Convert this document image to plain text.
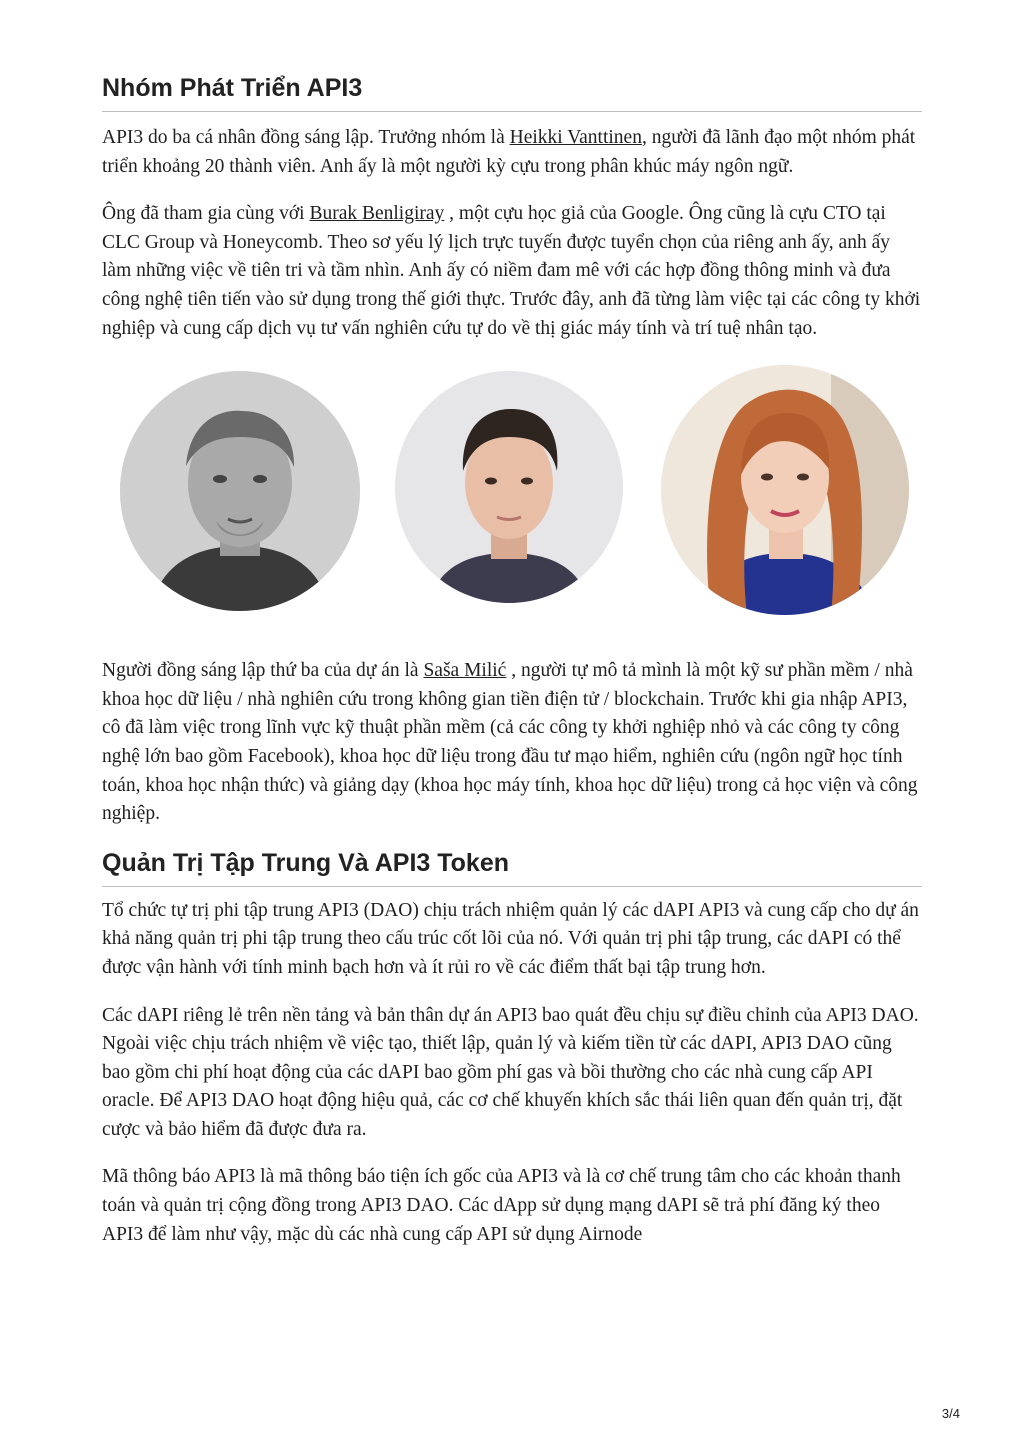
Nhóm Phát Triển API3

API3 do ba cá nhân đồng sáng lập. Trưởng nhóm là Heikki Vanttinen, người đã lãnh đạo một nhóm phát triển khoảng 20 thành viên. Anh ấy là một người kỳ cựu trong phân khúc máy ngôn ngữ.

Ông đã tham gia cùng với Burak Benligiray , một cựu học giả của Google. Ông cũng là cựu CTO tại CLC Group và Honeycomb. Theo sơ yếu lý lịch trực tuyến được tuyển chọn của riêng anh ấy, anh ấy làm những việc về tiên tri và tầm nhìn. Anh ấy có niềm đam mê với các hợp đồng thông minh và đưa công nghệ tiên tiến vào sử dụng trong thế giới thực. Trước đây, anh đã từng làm việc tại các công ty khởi nghiệp và cung cấp dịch vụ tư vấn nghiên cứu tự do về thị giác máy tính và trí tuệ nhân tạo.

Người đồng sáng lập thứ ba của dự án là Saša Milić , người tự mô tả mình là một kỹ sư phần mềm / nhà khoa học dữ liệu / nhà nghiên cứu trong không gian tiền điện tử / blockchain. Trước khi gia nhập API3, cô đã làm việc trong lĩnh vực kỹ thuật phần mềm (cả các công ty khởi nghiệp nhỏ và các công ty công nghệ lớn bao gồm Facebook), khoa học dữ liệu trong đầu tư mạo hiểm, nghiên cứu (ngôn ngữ học tính toán, khoa học nhận thức) và giảng dạy (khoa học máy tính, khoa học dữ liệu) trong cả học viện và công nghiệp.

Quản Trị Tập Trung Và API3 Token

Tổ chức tự trị phi tập trung API3 (DAO) chịu trách nhiệm quản lý các dAPI API3 và cung cấp cho dự án khả năng quản trị phi tập trung theo cấu trúc cốt lõi của nó. Với quản trị phi tập trung, các dAPI có thể được vận hành với tính minh bạch hơn và ít rủi ro về các điểm thất bại tập trung hơn.

Các dAPI riêng lẻ trên nền tảng và bản thân dự án API3 bao quát đều chịu sự điều chỉnh của API3 DAO. Ngoài việc chịu trách nhiệm về việc tạo, thiết lập, quản lý và kiếm tiền từ các dAPI, API3 DAO cũng bao gồm chi phí hoạt động của các dAPI bao gồm phí gas và bồi thường cho các nhà cung cấp API oracle. Để API3 DAO hoạt động hiệu quả, các cơ chế khuyến khích sắc thái liên quan đến quản trị, đặt cược và bảo hiểm đã được đưa ra.

Mã thông báo API3 là mã thông báo tiện ích gốc của API3 và là cơ chế trung tâm cho các khoản thanh toán và quản trị cộng đồng trong API3 DAO. Các dApp sử dụng mạng dAPI sẽ trả phí đăng ký theo API3 để làm như vậy, mặc dù các nhà cung cấp API sử dụng Airnode

3/4
